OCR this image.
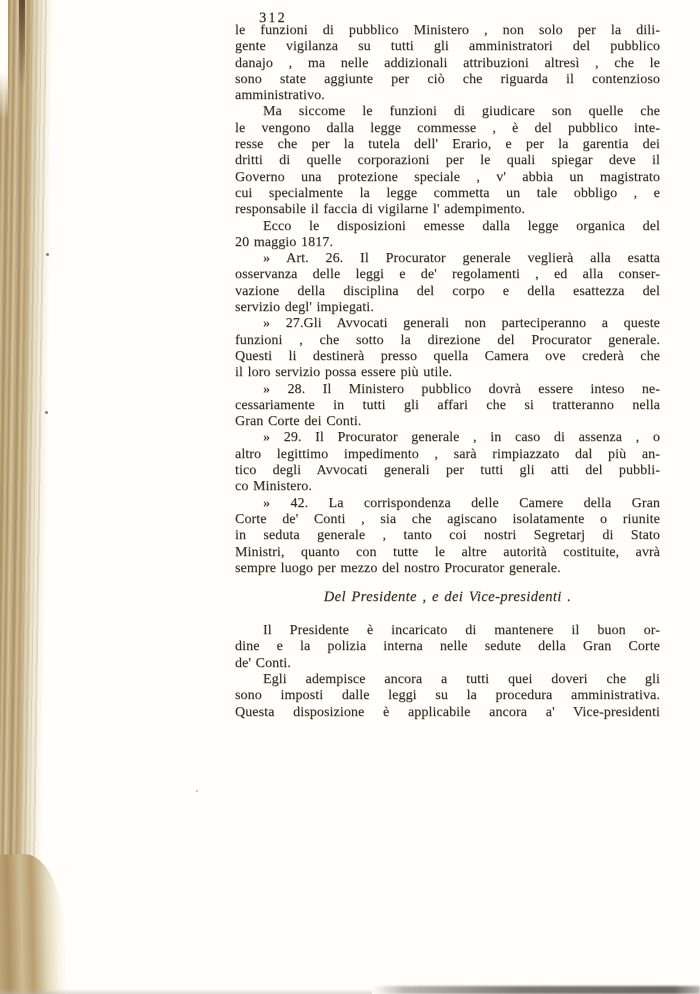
312
le funzioni di pubblico Ministero , non solo per la dili-
gente vigilanza su tutti gli amministratori del pubblico
danajo , ma nelle addizionali attribuzioni altresì , che le
sono state aggiunte per ciò che riguarda il contenzioso
amministrativo.
Ma siccome le funzioni di giudicare son quelle che
le vengono dalla legge commesse , è del pubblico inte-
resse che per la tutela dell' Erario, e per la garentia dei
dritti di quelle corporazioni per le quali spiegar deve il
Governo una protezione speciale , v' abbia un magistrato
cui specialmente la legge commetta un tale obbligo , e
responsabile il faccia di vigilarne l' adempimento.
Ecco le disposizioni emesse dalla legge organica del
20 maggio 1817.
» Art. 26. Il Procurator generale veglierà alla esatta
osservanza delle leggi e de' regolamenti , ed alla conser-
vazione della disciplina del corpo e della esattezza del
servizio degl' impiegati.
» 27.Gli Avvocati generali non parteciperanno a queste
funzioni , che sotto la direzione del Procurator generale.
Questi li destinerà presso quella Camera ove crederà che
il loro servizio possa essere più utile.
» 28. Il Ministero pubblico dovrà essere inteso ne-
cessariamente in tutti gli affari che si tratteranno nella
Gran Corte dei Conti.
» 29. Il Procurator generale , in caso di assenza , o
altro legittimo impedimento , sarà rimpiazzato dal più an-
tico degli Avvocati generali per tutti gli atti del pubbli-
co Ministero.
» 42. La corrispondenza delle Camere della Gran
Corte de' Conti , sia che agiscano isolatamente o riunite
in seduta generale , tanto coi nostri Segretarj di Stato
Ministri, quanto con tutte le altre autorità costituite, avrà
sempre luogo per mezzo del nostro Procurator generale.
Del Presidente , e dei Vice-presidenti .
Il Presidente è incaricato di mantenere il buon or-
dine e la polizia interna nelle sedute della Gran Corte
de' Conti.
Egli adempisce ancora a tutti quei doveri che gli
sono imposti dalle leggi su la procedura amministrativa.
Questa disposizione è applicabile ancora a' Vice-presidenti
